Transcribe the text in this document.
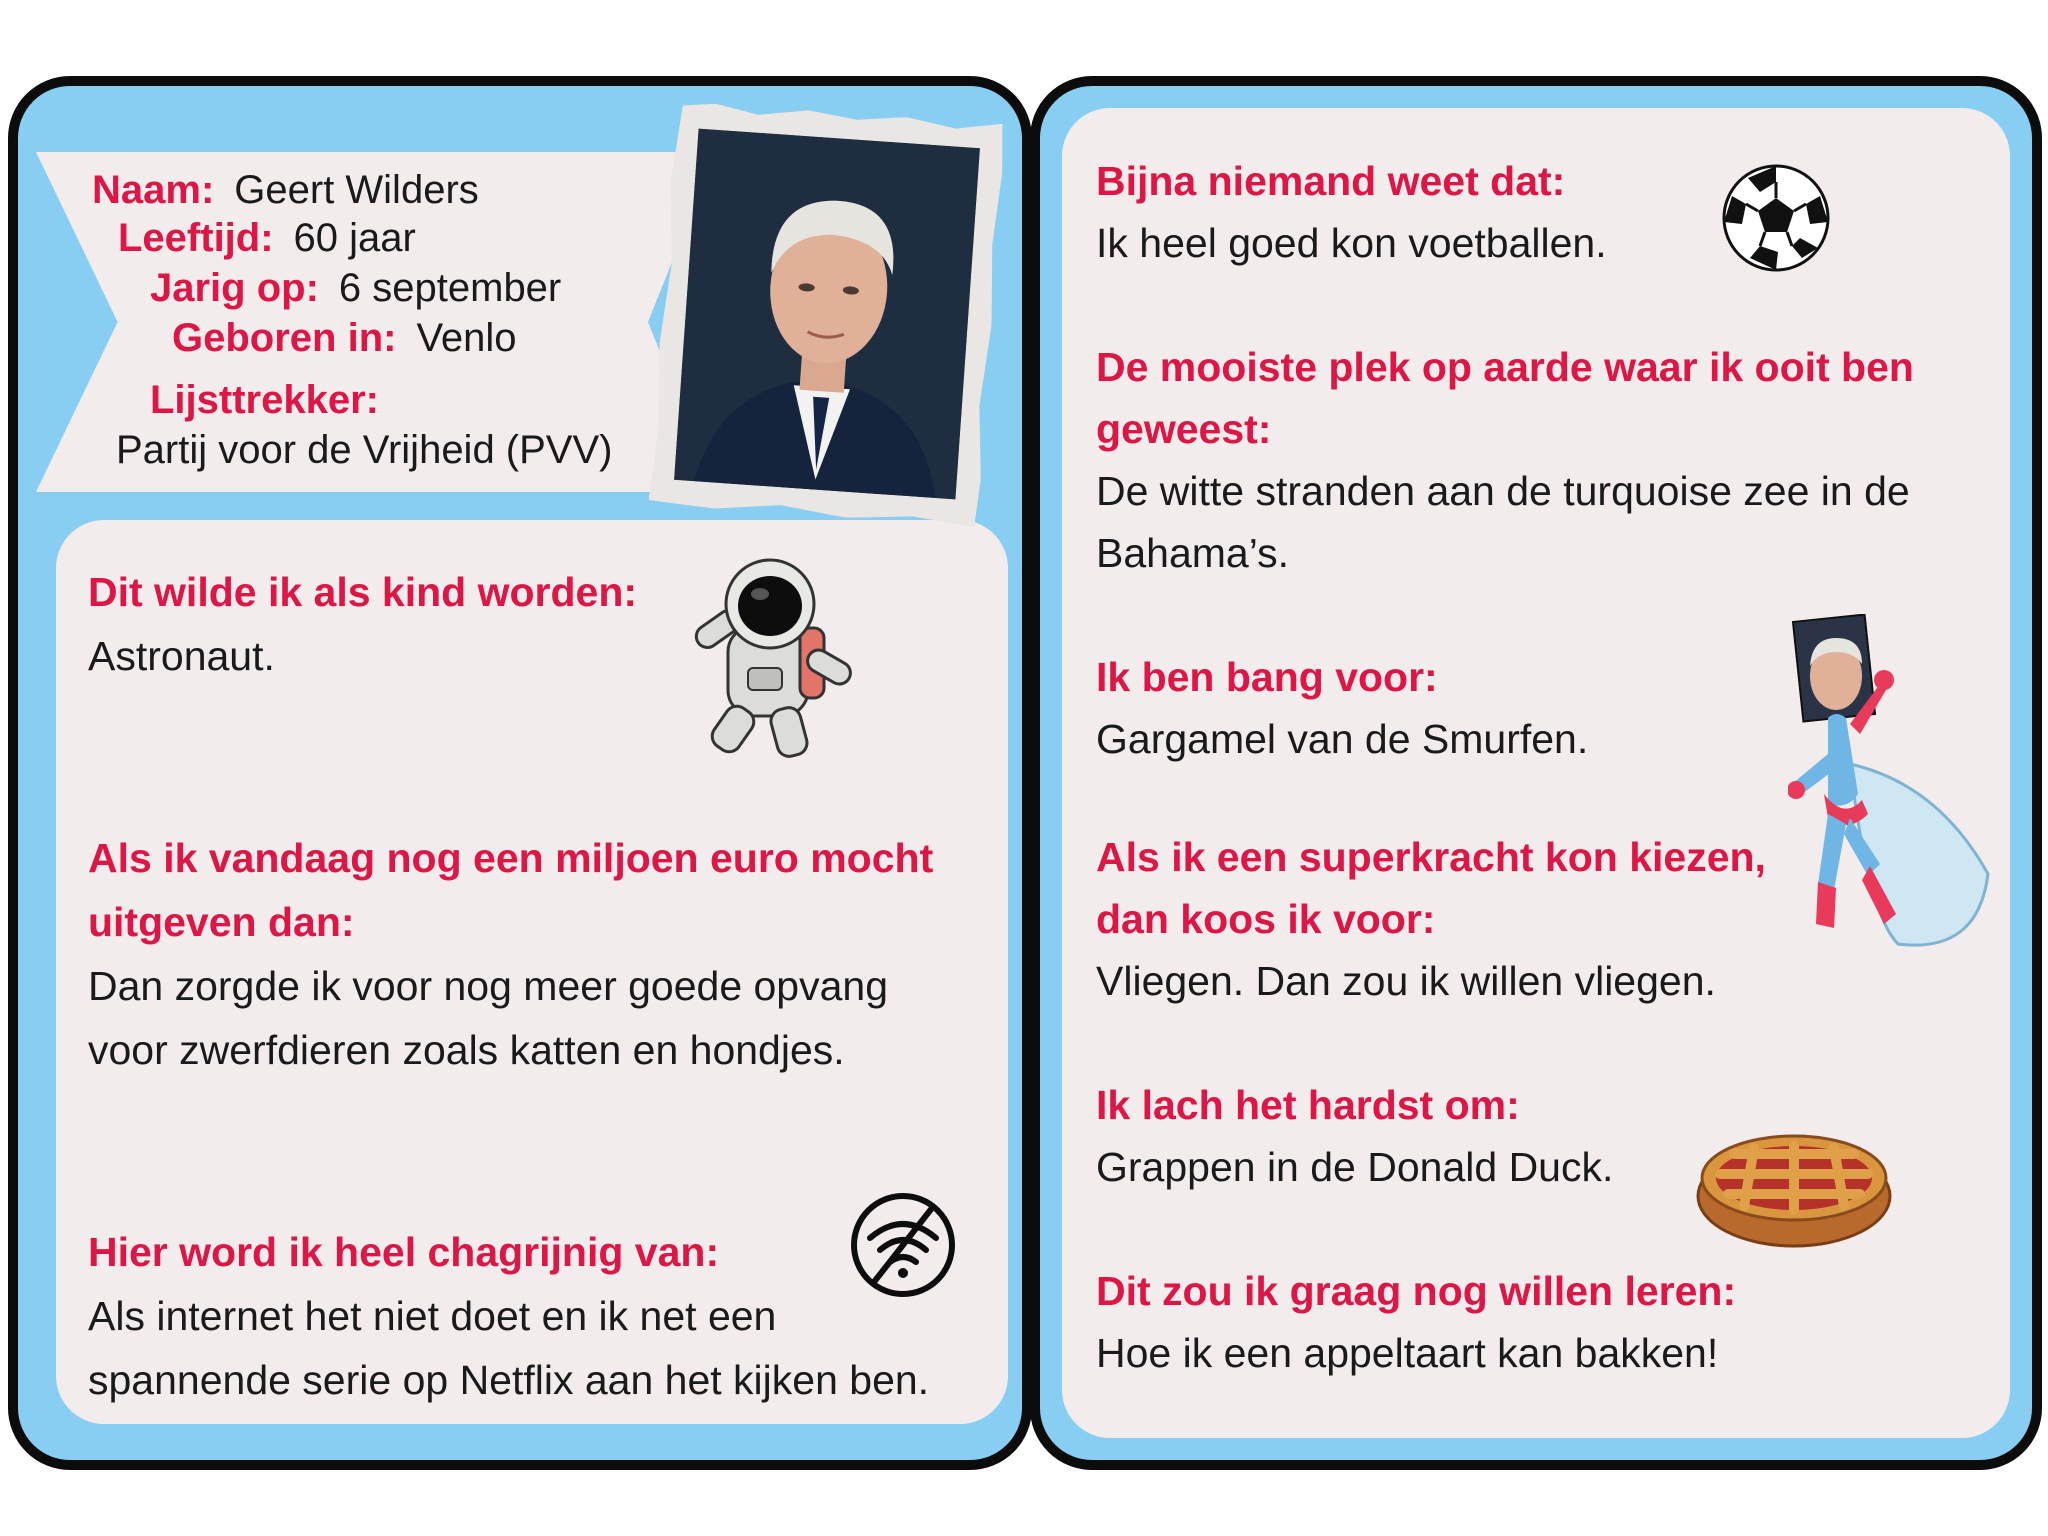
Naam: Geert Wilders
Leeftijd: 60 jaar
Jarig op: 6 september
Geboren in: Venlo
Lijsttrekker:
Partij voor de Vrijheid (PVV)
Dit wilde ik als kind worden:
Astronaut.
Als ik vandaag nog een miljoen euro mocht uitgeven dan:
Dan zorgde ik voor nog meer goede opvang voor zwerfdieren zoals katten en hondjes.
Hier word ik heel chagrijnig van:
Als internet het niet doet en ik net een spannende serie op Netflix aan het kijken ben.
Bijna niemand weet dat:
Ik heel goed kon voetballen.
De mooiste plek op aarde waar ik ooit ben geweest:
De witte stranden aan de turquoise zee in de Bahama’s.
Ik ben bang voor:
Gargamel van de Smurfen.
Als ik een superkracht kon kiezen, dan koos ik voor:
Vliegen. Dan zou ik willen vliegen.
Ik lach het hardst om:
Grappen in de Donald Duck.
Dit zou ik graag nog willen leren:
Hoe ik een appeltaart kan bakken!
